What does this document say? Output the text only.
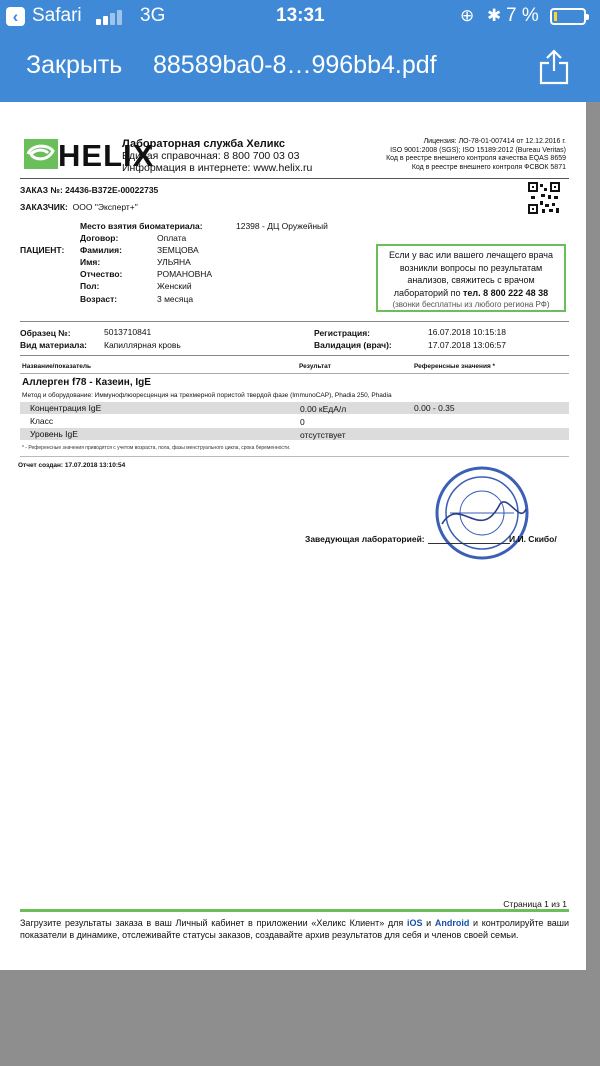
‹ Safari	3G	13:31	⊕ ✱ 7 %
Закрыть 88589ba0-8…996bb4.pdf
HELIX
Лабораторная служба Хеликс
Единая справочная: 8 800 700 03 03
Информация в интернете: www.helix.ru
Лицензия: ЛО-78-01-007414 от 12.12.2016 г.
ISO 9001:2008 (SGS); ISO 15189:2012 (Bureau Veritas)
Код в реестре внешнего контроля качества EQAS 8659
Код в реестре внешнего контроля ФСВОК 5871
ЗАКАЗ №: 24436-B372E-00022735
ЗАКАЗЧИК: ООО "Эксперт+"
Место взятия биоматериала:	12398 - ДЦ Оружейный
ПАЦИЕНТ:
Договор:	Оплата
Фамилия:	ЗЕМЦОВА
Имя:	УЛЬЯНА
Отчество:	РОМАНОВНА
Пол:	Женский
Возраст:	3 месяца
Если у вас или вашего лечащего врача
возникли вопросы по результатам
анализов, свяжитесь с врачом
лабораторий по тел. 8 800 222 48 38
(звонки бесплатны из любого региона РФ)
Образец №:	5013710841
Вид материала: Капиллярная кровь
Регистрация:	16.07.2018 10:15:18
Валидация (врач):	17.07.2018 13:06:57
Название/показатель	Результат	Референсные значения *
Аллерген f78 - Казеин, IgE
Метод и оборудование: Иммунофлюоресценция на трехмерной пористой твердой фазе (ImmunoCAP), Phadia 250, Phadia
Концентрация IgE	0.00 кЕдА/л	0.00 - 0.35
Класс	0
Уровень IgE	отсутствует
* - Референсные значения приводятся с учетом возраста, пола, фазы менструального цикла, срока беременности.
Отчет создан: 17.07.2018 13:10:54
Заведующая лабораторией:	И.И. Скибо/
Страница 1 из 1
Загрузите результаты заказа в ваш Личный кабинет в приложении «Хеликс Клиент» для iOS и Android и контролируйте ваши показатели в динамике, отслеживайте статусы заказов, создавайте архив результатов для себя и членов своей семьи.
